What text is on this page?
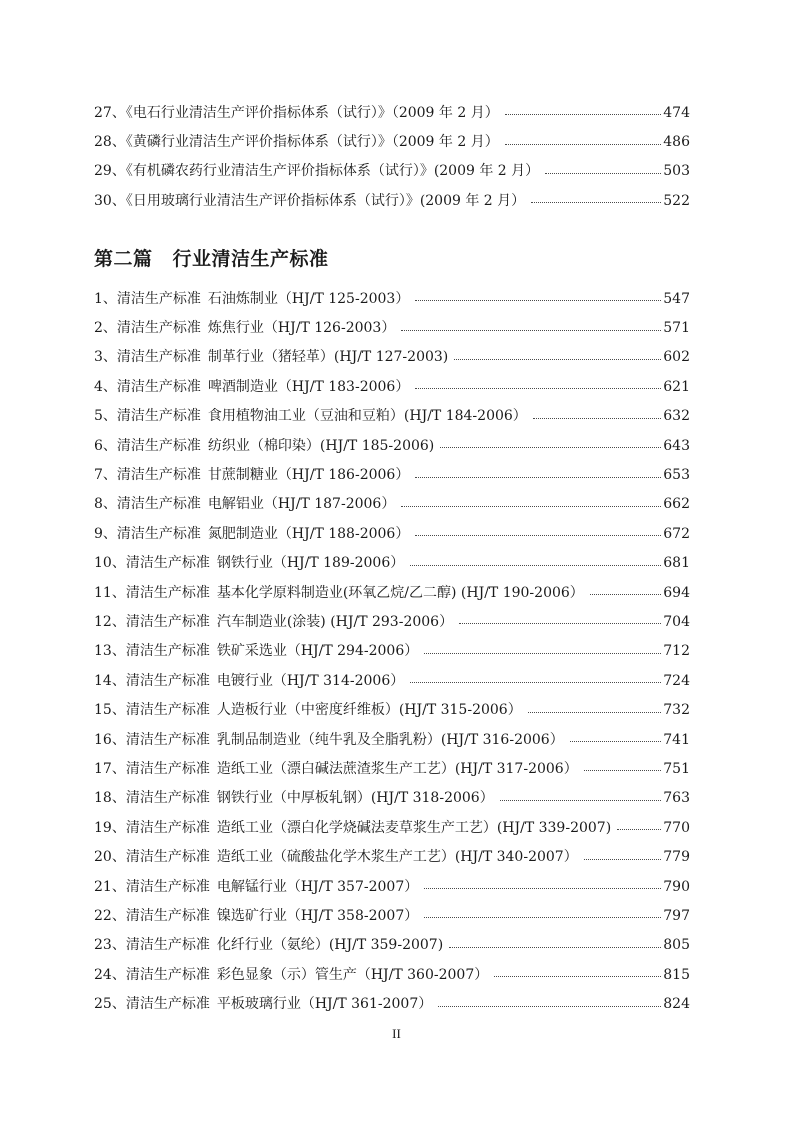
27、《电石行业清洁生产评价指标体系（试行）》（2009 年 2 月）	474
28、《黄磷行业清洁生产评价指标体系（试行）》（2009 年 2 月）	486
29、《有机磷农药行业清洁生产评价指标体系（试行）》(2009 年 2 月）	503
30、《日用玻璃行业清洁生产评价指标体系（试行）》(2009 年 2 月）	522
第二篇 行业清洁生产标准
1、清洁生产标准 石油炼制业（HJ/T 125-2003）	547
2、清洁生产标准 炼焦行业（HJ/T 126-2003）	571
3、清洁生产标准 制革行业（猪轻革）(HJ/T 127-2003)	602
4、清洁生产标准 啤酒制造业（HJ/T 183-2006）	621
5、清洁生产标准 食用植物油工业（豆油和豆粕）(HJ/T 184-2006）	632
6、清洁生产标准 纺织业（棉印染）(HJ/T 185-2006)	643
7、清洁生产标准 甘蔗制糖业（HJ/T 186-2006）	653
8、清洁生产标准 电解铝业（HJ/T 187-2006）	662
9、清洁生产标准 氮肥制造业（HJ/T 188-2006）	672
10、清洁生产标准 钢铁行业（HJ/T 189-2006）	681
11、清洁生产标准 基本化学原料制造业(环氧乙烷/乙二醇) (HJ/T 190-2006）	694
12、清洁生产标准 汽车制造业(涂装) (HJ/T 293-2006）	704
13、清洁生产标准 铁矿采选业（HJ/T 294-2006）	712
14、清洁生产标准 电镀行业（HJ/T 314-2006）	724
15、清洁生产标准 人造板行业（中密度纤维板）(HJ/T 315-2006）	732
16、清洁生产标准 乳制品制造业（纯牛乳及全脂乳粉）(HJ/T 316-2006）	741
17、清洁生产标准 造纸工业（漂白碱法蔗渣浆生产工艺）(HJ/T 317-2006）	751
18、清洁生产标准 钢铁行业（中厚板轧钢）(HJ/T 318-2006）	763
19、清洁生产标准 造纸工业（漂白化学烧碱法麦草浆生产工艺）(HJ/T 339-2007)	770
20、清洁生产标准 造纸工业（硫酸盐化学木浆生产工艺）(HJ/T 340-2007）	779
21、清洁生产标准 电解锰行业（HJ/T 357-2007）	790
22、清洁生产标准 镍选矿行业（HJ/T 358-2007）	797
23、清洁生产标准 化纤行业（氨纶）(HJ/T 359-2007)	805
24、清洁生产标准 彩色显象（示）管生产（HJ/T 360-2007）	815
25、清洁生产标准 平板玻璃行业（HJ/T 361-2007）	824
II
